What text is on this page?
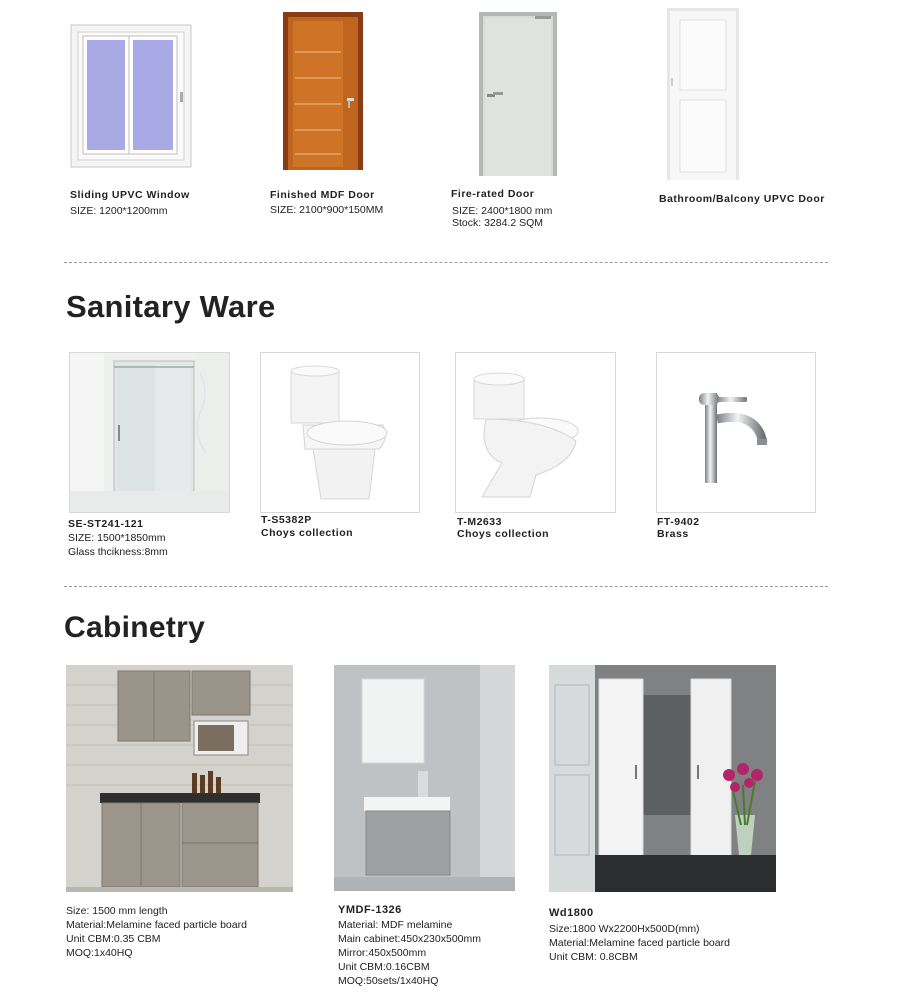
Sliding UPVC Window
SIZE: 1200*1200mm
Finished MDF Door
SIZE: 2100*900*150MM
Fire-rated Door
SIZE: 2400*1800 mm
Stock: 3284.2 SQM
Bathroom/Balcony UPVC Door
Sanitary Ware
SE-ST241-121
SIZE: 1500*1850mm
Glass thcikness:8mm
T-S5382P
Choys collection
T-M2633
Choys collection
FT-9402
Brass
Cabinetry
Size: 1500 mm length
Material:Melamine faced particle board
Unit CBM:0.35 CBM
MOQ:1x40HQ
YMDF-1326
Material: MDF melamine
Main cabinet:450x230x500mm
Mirror:450x500mm
Unit CBM:0.16CBM
MOQ:50sets/1x40HQ
Wd1800
Size:1800 Wx2200Hx500D(mm)
Material:Melamine faced particle board
Unit CBM: 0.8CBM
